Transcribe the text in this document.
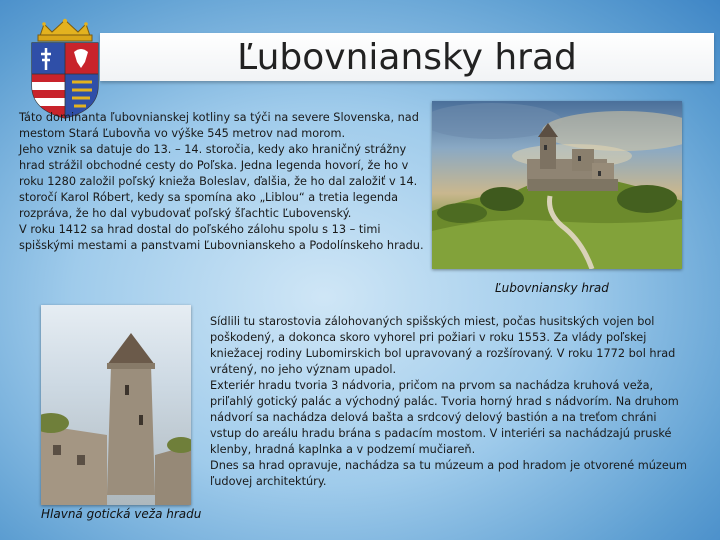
Ľubovniansky hrad

Táto dominanta ľubovnianskej kotliny sa týči na severe Slovenska, nad mestom Stará Ľubovňa vo výške 545 metrov nad morom.

Jeho vznik sa datuje do 13. – 14. storočia, kedy ako hraničný strážny hrad strážil obchodné cesty do Poľska. Jedna legenda hovorí, že ho v roku 1280 založil poľský knieža Boleslav, ďalšia, že ho dal založiť v 14. storočí Karol Róbert, kedy sa spomína ako „Liblou“ a tretia legenda rozpráva, že ho dal vybudovať poľský šľachtic Ľubovenský.

V roku 1412 sa hrad dostal do poľského zálohu spolu s 13 – timi spišskými mestami a panstvami Ľubovnianskeho a Podolínskeho hradu.

Ľubovniansky hrad
Hlavná gotická veža hradu

Sídlili tu starostovia zálohovaných spišských miest, počas husitských vojen bol poškodený, a dokonca skoro vyhorel pri požiari v roku 1553. Za vlády poľskej kniežacej rodiny Lubomirskich bol upravovaný a rozšírovaný. V roku 1772 bol hrad vrátený, no jeho význam upadol.

Exteriér hradu tvoria 3 nádvoria, pričom na prvom sa nachádza kruhová veža, priľahlý gotický palác a východný palác. Tvoria horný hrad s nádvorím. Na druhom nádvorí sa nachádza delová bašta a srdcový delový bastión a na treťom chráni vstup do areálu hradu brána s padacím mostom. V interiéri sa nachádzajú pruské klenby, hradná kaplnka a v podzemí mučiareň.

Dnes sa hrad opravuje, nachádza sa tu múzeum a pod hradom je otvorené múzeum ľudovej architektúry.
